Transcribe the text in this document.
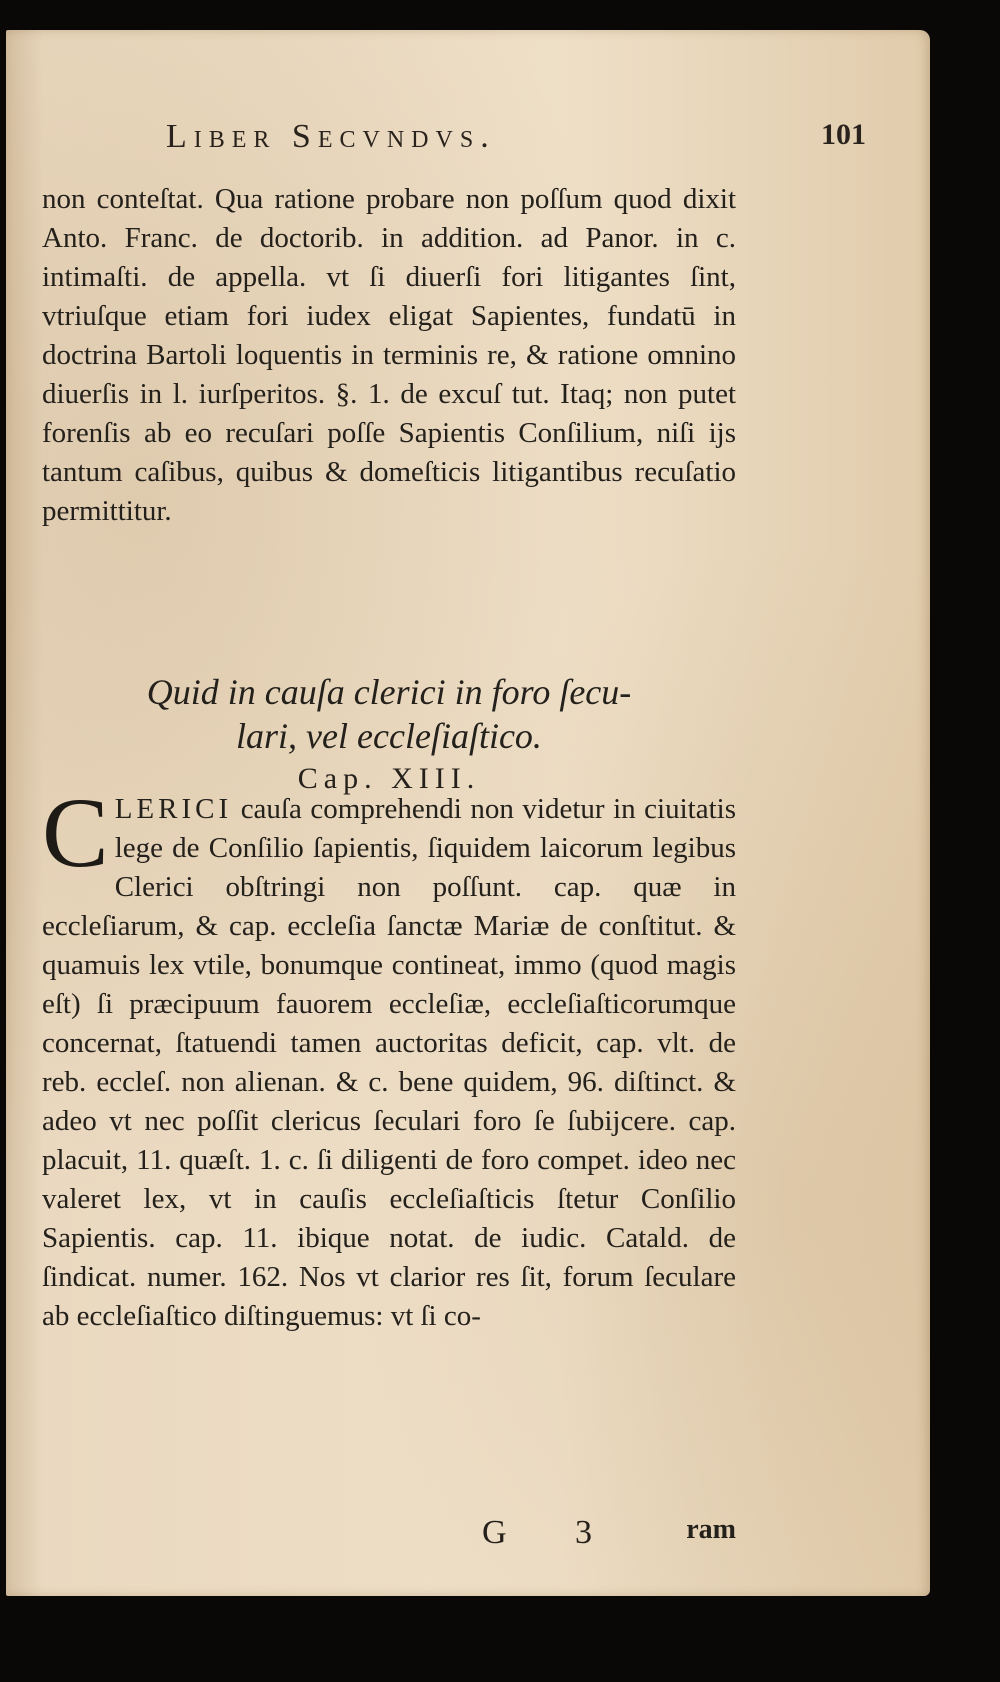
Liber Secvndvs.	101

non conteſtat. Qua ratione probare non poſſum quod dixit Anto. Franc. de doctorib. in addition. ad Panor. in c. intimaſti. de appella. vt ſi diuerſi fori litigantes ſint, vtriuſque etiam fori iudex eligat Sapientes, fundatū in doctrina Bartoli loquentis in terminis re, & ratione omnino diuerſis in l. iurſperitos. §. 1. de excuſ tut. Itaq; non putet forenſis ab eo recuſari poſſe Sapientis Conſilium, niſi ijs tantum caſibus, quibus & domeſticis litigantibus recuſatio permittitur.

Quid in cauſa clerici in foro ſecu-
lari, vel eccleſiaſtico.
Cap. XIII.

CLERICI cauſa comprehendi non videtur in ciuitatis lege de Conſilio ſapientis, ſiquidem laicorum legibus Clerici obſtringi non poſſunt. cap. quæ in eccleſiarum, & cap. eccleſia ſanctæ Mariæ de conſtitut. & quamuis lex vtile, bonumque contineat, immo (quod magis eſt) ſi præcipuum fauorem eccleſiæ, eccleſiaſticorumque concernat, ſtatuendi tamen auctoritas deficit, cap. vlt. de reb. eccleſ. non alienan. & c. bene quidem, 96. diſtinct. & adeo vt nec poſſit clericus ſeculari foro ſe ſubijcere. cap. placuit, 11. quæſt. 1. c. ſi diligenti de foro compet. ideo nec valeret lex, vt in cauſis eccleſiaſticis ſtetur Conſilio Sapientis. cap. 11. ibique notat. de iudic. Catald. de ſindicat. numer. 162. Nos vt clarior res ſit, forum ſeculare ab eccleſiaſtico diſtinguemus: vt ſi co-

G 3 ram
